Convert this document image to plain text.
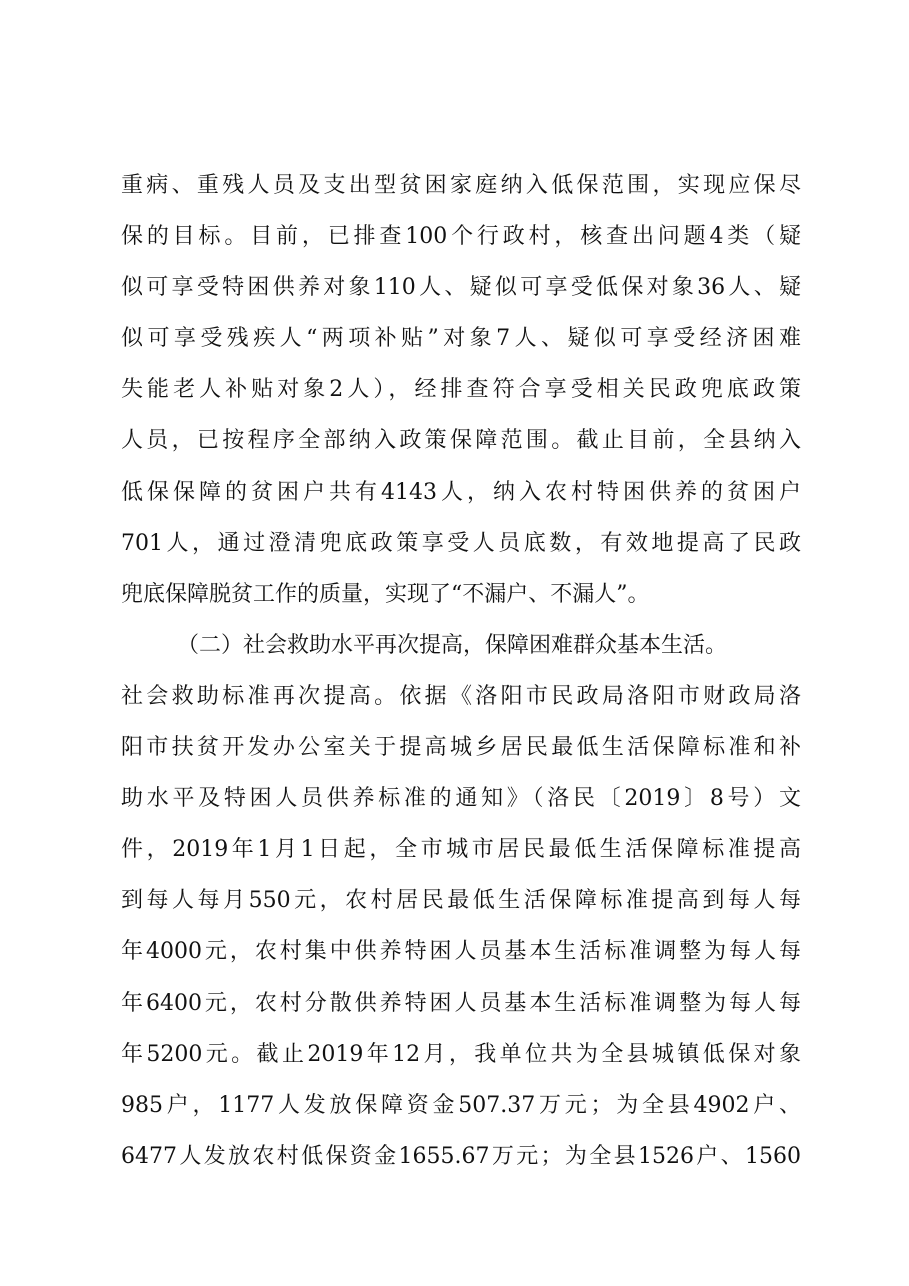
重病、重残人员及支出型贫困家庭纳入低保范围，实现应保尽
保的目标。目前，已排查100个行政村，核查出问题4类（疑
似可享受特困供养对象110人、疑似可享受低保对象36人、疑
似可享受残疾人“两项补贴”对象7人、疑似可享受经济困难
失能老人补贴对象2人），经排查符合享受相关民政兜底政策
人员，已按程序全部纳入政策保障范围。截止目前，全县纳入
低保保障的贫困户共有4143人，纳入农村特困供养的贫困户
701人，通过澄清兜底政策享受人员底数，有效地提高了民政
兜底保障脱贫工作的质量，实现了“不漏户、不漏人”。
（二）社会救助水平再次提高，保障困难群众基本生活。
社会救助标准再次提高。依据《洛阳市民政局洛阳市财政局洛
阳市扶贫开发办公室关于提高城乡居民最低生活保障标准和补
助水平及特困人员供养标准的通知》（洛民〔2019〕8号）文
件，2019年1月1日起，全市城市居民最低生活保障标准提高
到每人每月550元，农村居民最低生活保障标准提高到每人每
年4000元，农村集中供养特困人员基本生活标准调整为每人每
年6400元，农村分散供养特困人员基本生活标准调整为每人每
年5200元。截止2019年12月，我单位共为全县城镇低保对象
985户，1177人发放保障资金507.37万元；为全县4902户、
6477人发放农村低保资金1655.67万元；为全县1526户、1560
